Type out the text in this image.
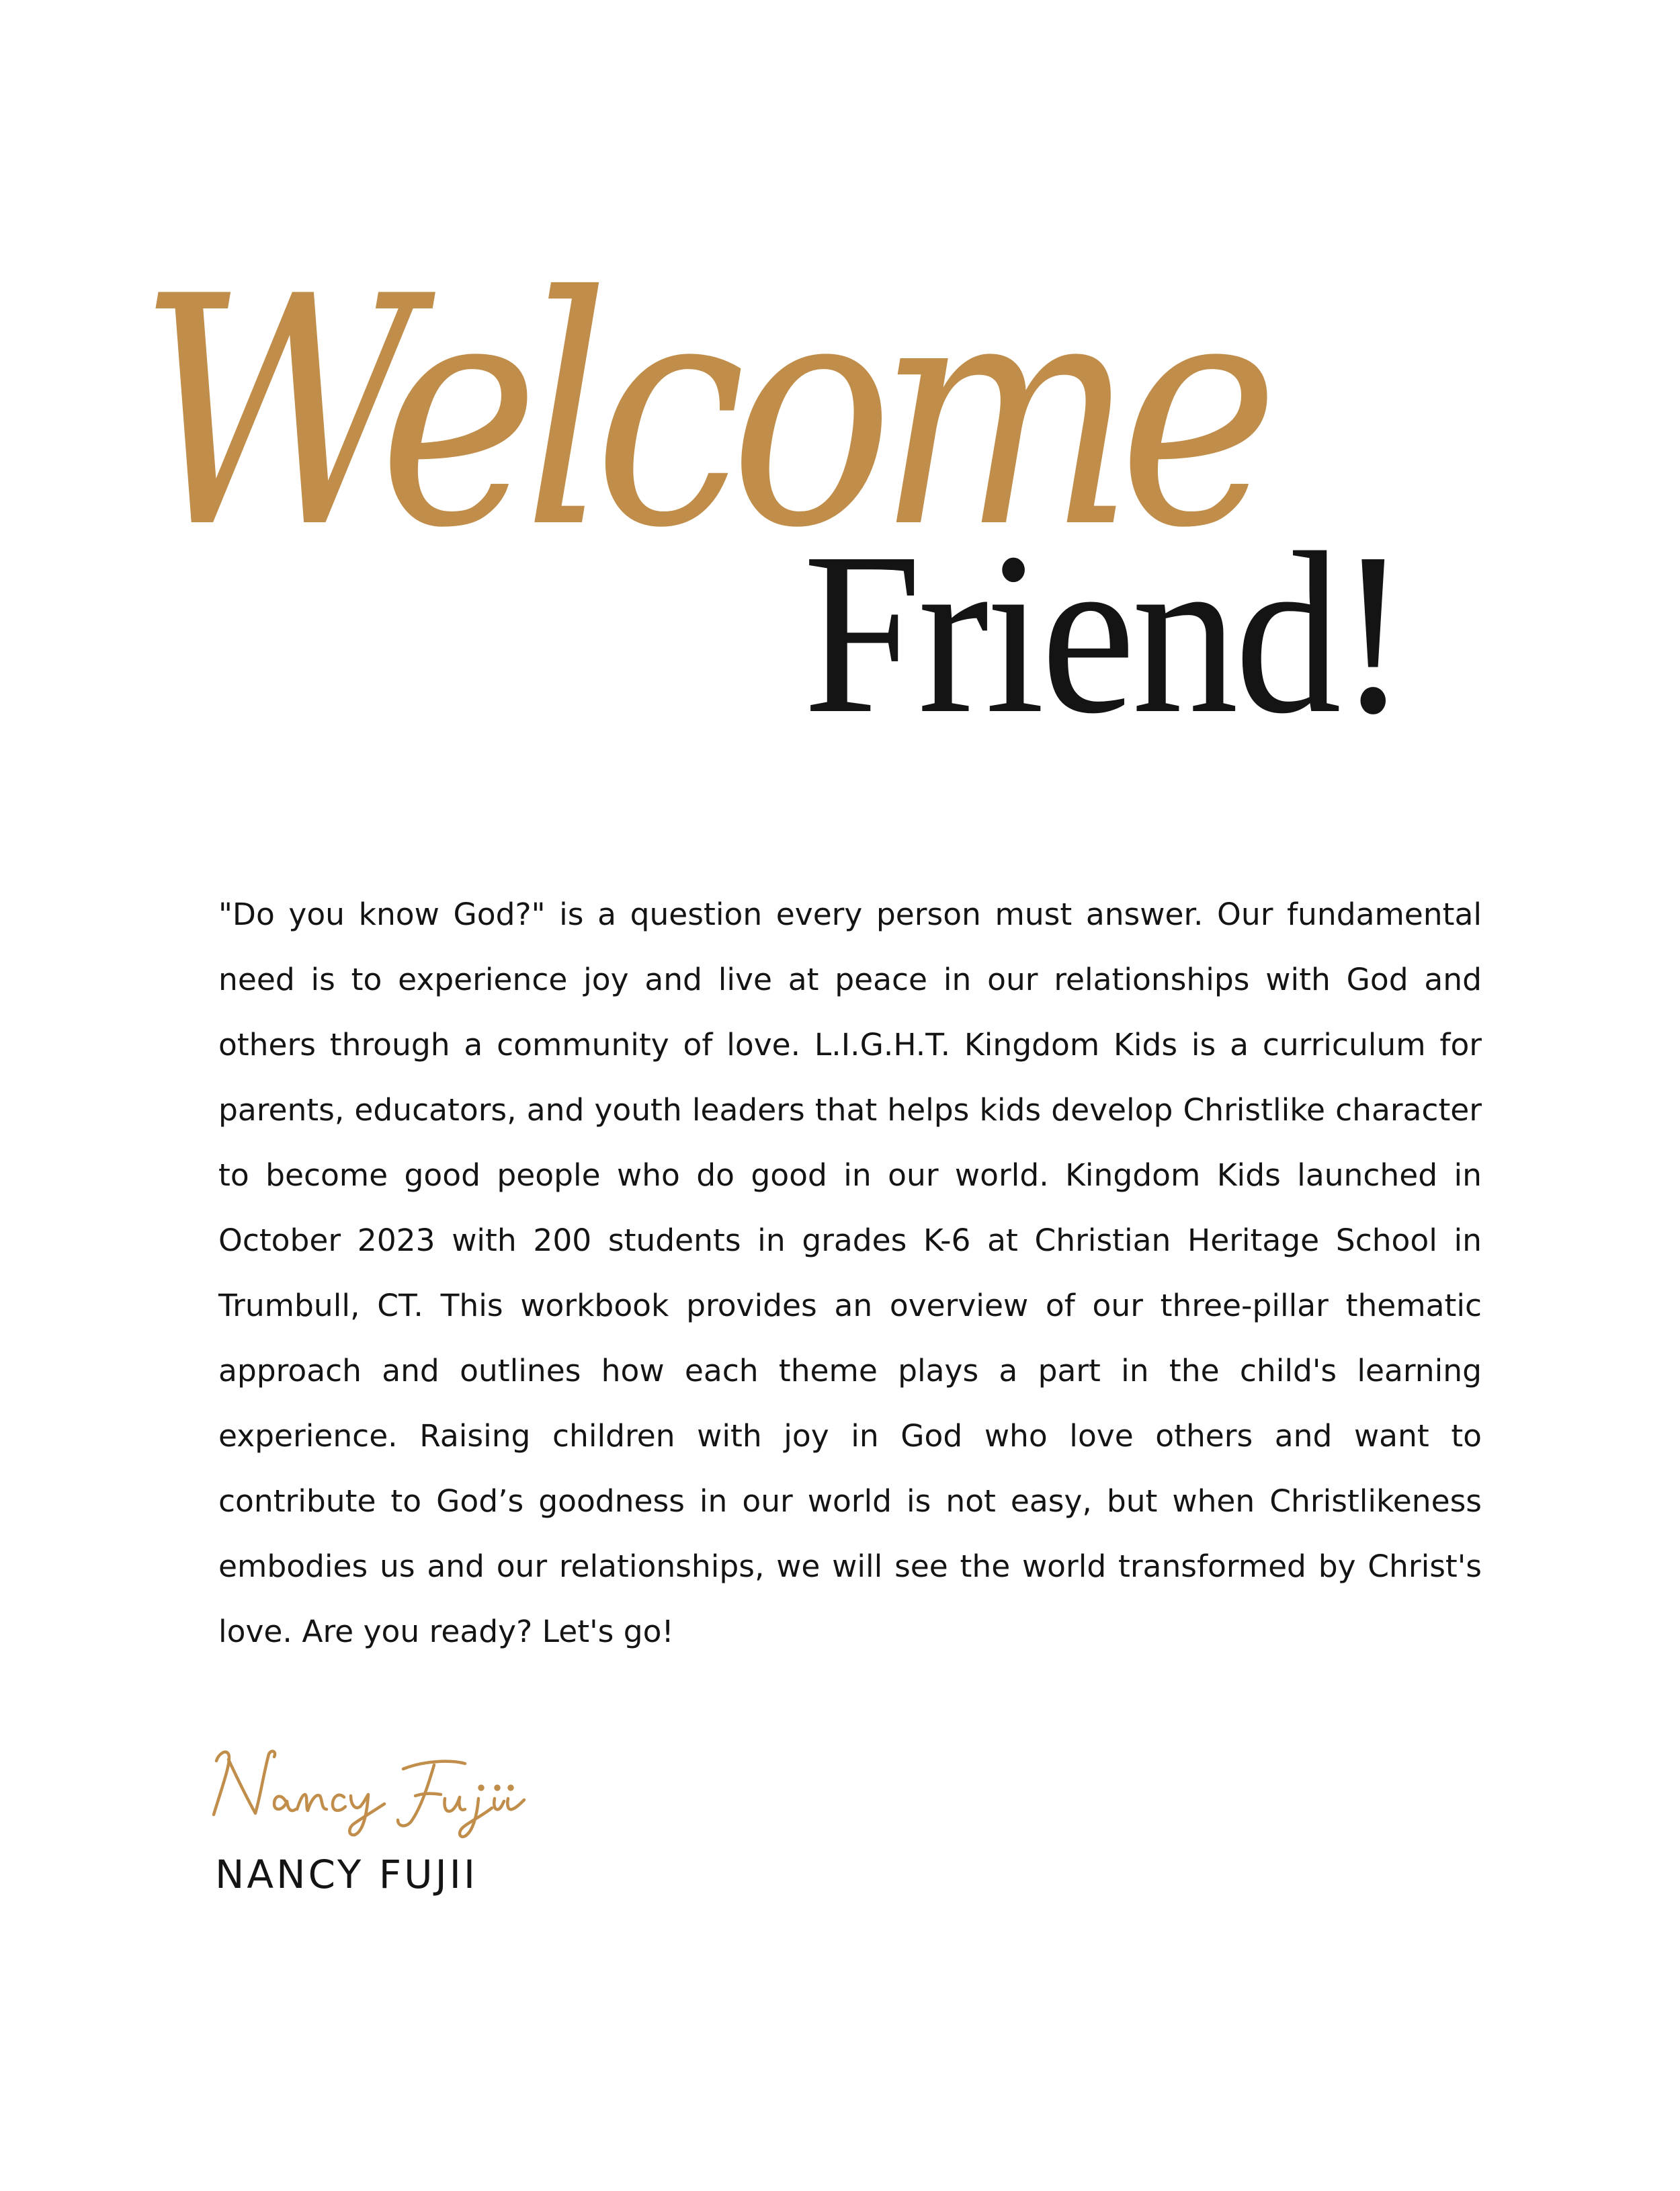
Welcome
Friend!

"Do you know God?" is a question every person must answer. Our fundamental need is to experience joy and live at peace in our relationships with God and others through a community of love. L.I.G.H.T. Kingdom Kids is a curriculum for parents, educators, and youth leaders that helps kids develop Christlike character to become good people who do good in our world. Kingdom Kids launched in October 2023 with 200 students in grades K-6 at Christian Heritage School in Trumbull, CT. This workbook provides an overview of our three-pillar thematic approach and outlines how each theme plays a part in the child's learning experience. Raising children with joy in God who love others and want to contribute to God’s goodness in our world is not easy, but when Christlikeness embodies us and our relationships, we will see the world transformed by Christ's love. Are you ready? Let's go!

NANCY FUJII
